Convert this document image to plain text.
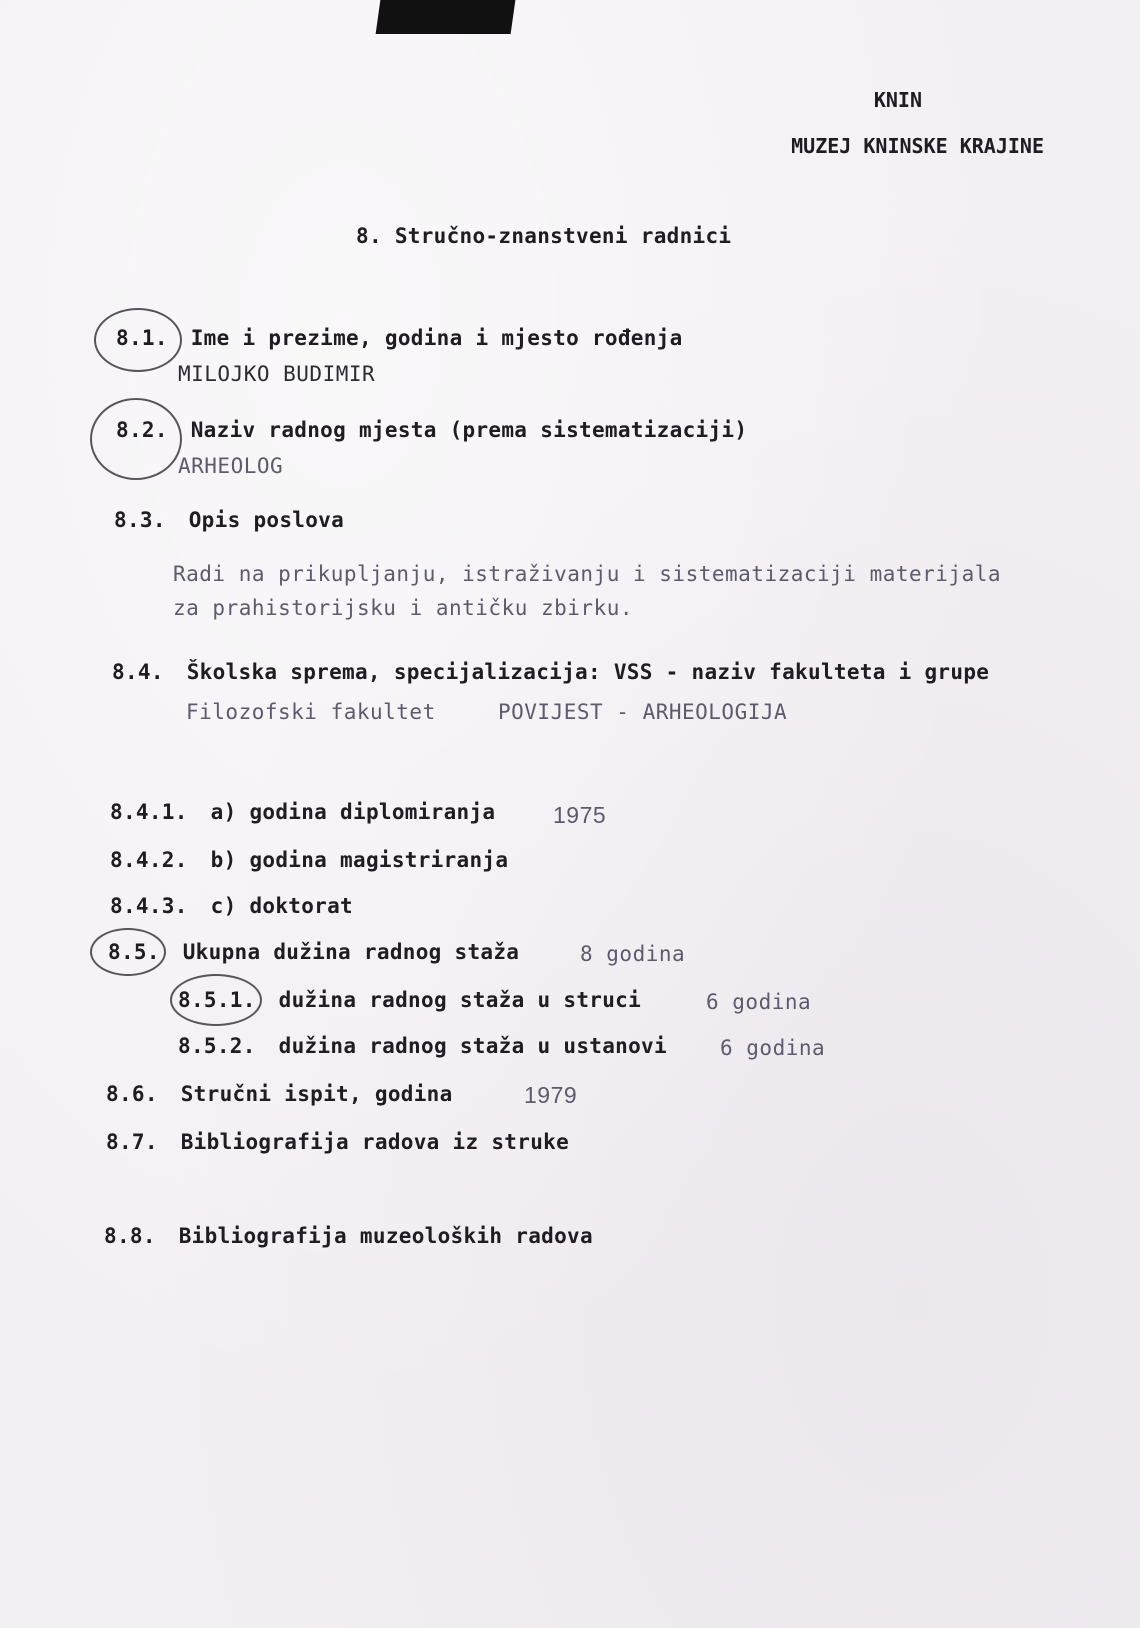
KNIN
MUZEJ KNINSKE KRAJINE
8. Stručno-znanstveni radnici
8.1. Ime i prezime, godina i mjesto rođenja
MILOJKO BUDIMIR
8.2. Naziv radnog mjesta (prema sistematizaciji)
ARHEOLOG
8.3. Opis poslova
Radi na prikupljanju, istraživanju i sistematizaciji materijala
za prahistorijsku i antičku zbirku.
8.4. Školska sprema, specijalizacija: VSS - naziv fakulteta i grupe
Filozofski fakultet	POVIJEST - ARHEOLOGIJA
8.4.1. a) godina diplomiranja	1975
8.4.2. b) godina magistriranja
8.4.3. c) doktorat
8.5. Ukupna dužina radnog staža	8 godina
8.5.1. dužina radnog staža u struci	6 godina
8.5.2. dužina radnog staža u ustanovi	6 godina
8.6. Stručni ispit, godina	1979
8.7. Bibliografija radova iz struke
8.8. Bibliografija muzeoloških radova
